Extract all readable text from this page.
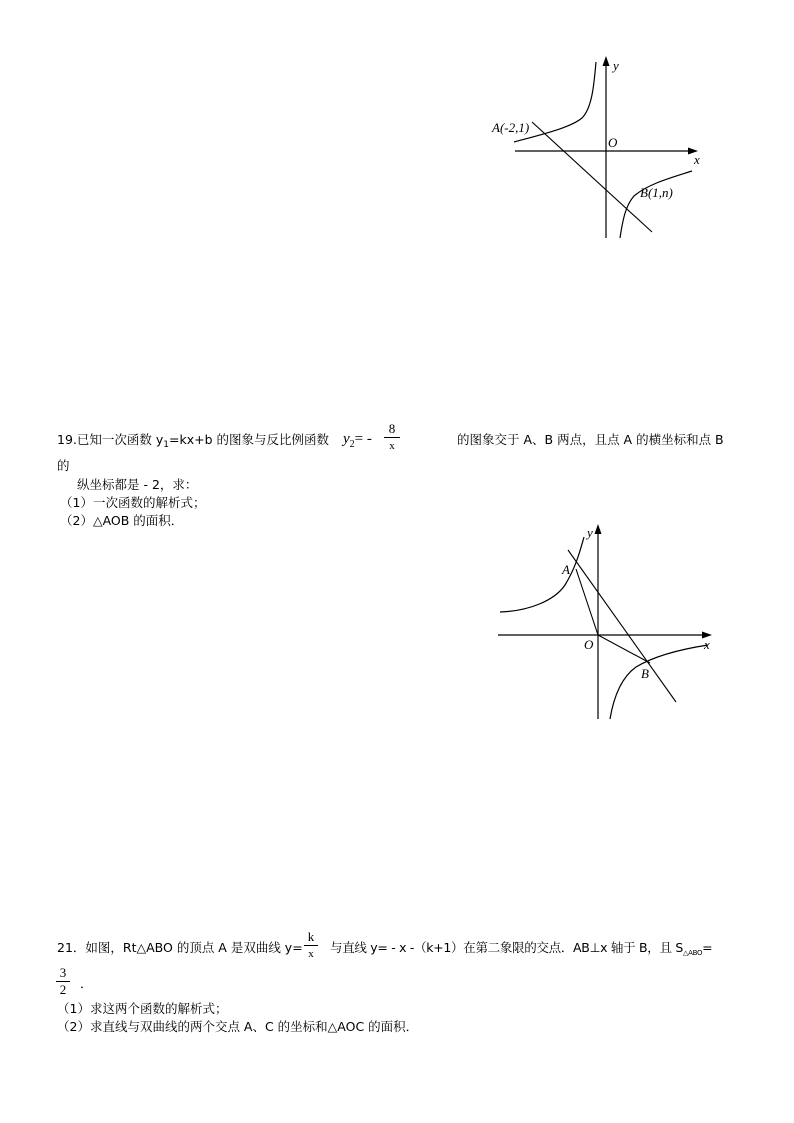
y
x
O
A(-2,1)
B(1,n)
19.已知一次函数 $y_1=kx+b$ 的图象与反比例函数 $y_2=$ -
8
x	的图象交于 A、B 两点，且点 A 的横坐标和点 B
的
纵坐标都是 - 2，求：
（1）一次函数的解析式；
（2）△AOB 的面积．
y
x
O
A
B
21．如图，Rt△ABO 的顶点 A 是双曲线 y=
k
x	与直线 y= - x -（k+1）在第二象限的交点．AB⊥x 轴于 B，且 $S_{\triangle ABO}=$
3
2	．
（1）求这两个函数的解析式；
（2）求直线与双曲线的两个交点 A、C 的坐标和△AOC 的面积．
